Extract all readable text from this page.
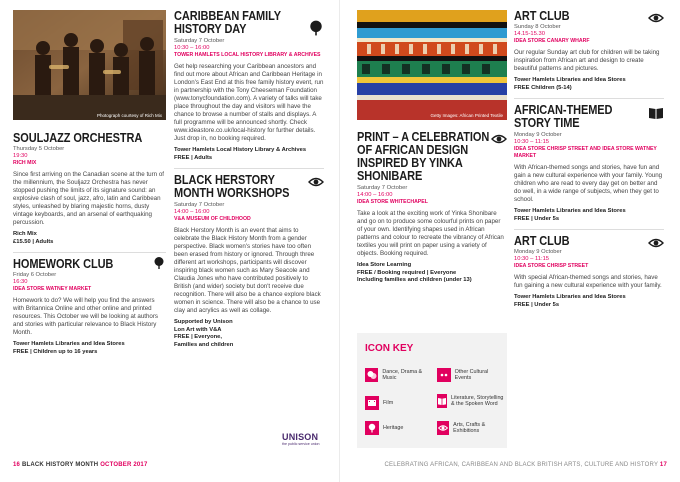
Photograph courtesy of Rich Mix
SOULJAZZ ORCHESTRA
Thursday 5 October
19:30
RICH MIX
Since first arriving on the Canadian scene at the turn of the millennium, the Souljazz Orchestra has never stopped pushing the limits of its signature sound: an explosive clash of soul, jazz, afro, latin and Caribbean styles, unleashed by blaring majestic horns, dusty vintage keyboards, and an arsenal of earthquaking percussion.
Rich Mix
£15.50 | Adults
HOMEWORK CLUB
Friday 6 October
16:30
IDEA STORE WATNEY MARKET
Homework to do? We will help you find the answers with Britannica Online and other online and printed resources. This October we will be looking at authors and stories with particular relevance to Black History Month.
Tower Hamlets Libraries and Idea Stores
FREE | Children up to 16 years
CARIBBEAN FAMILY
HISTORY DAY
Saturday 7 October
10:30 – 16:00
TOWER HAMLETS LOCAL HISTORY LIBRARY & ARCHIVES
Get help researching your Caribbean ancestors and find out more about African and Caribbean Heritage in London's East End at this free family history event, run in partnership with the Tony Cheeseman Foundation (www.tonycfoundation.com). A variety of talks will take place throughout the day and visitors will have the chance to browse a number of stalls and displays. A full programme will be announced shortly. Check www.ideastore.co.uk/local-history for further details. Just drop in, no booking required.
Tower Hamlets Local History Library & Archives
FREE | Adults
BLACK HERSTORY
MONTH WORKSHOPS
Saturday 7 October
14:00 – 16:00
V&A MUSEUM OF CHILDHOOD
Black Herstory Month is an event that aims to celebrate the Black History Month from a gender perspective. Black women's stories have too often been erased from history or ignored. Through three different art workshops, participants will discover inspiring black women such as Mary Seacole and Claudia Jones who have contributed positively to British (and wider) society but don't receive due recognition. There will also be a chance explore black women in science. There will also be a chance to use clay and acrylics as well as collage.
Supported by Unison
Lon Art with V&A
FREE | Everyone,
Families and children
UNISON
the public service union
16 BLACK HISTORY MONTH OCTOBER 2017
Getty Images: African Printed Textile
PRINT – A CELEBRATION
OF AFRICAN DESIGN
INSPIRED BY YINKA
SHONIBARE
Saturday 7 October
14:00 – 16:00
IDEA STORE WHITECHAPEL
Take a look at the exciting work of Yinka Shonibare and go on to produce some colourful prints on paper of your own. Identifying shapes used in African patterns and colour to recreate the vibrancy of African textiles you will print on paper using a variety of objects. Booking required.
Idea Store Learning
FREE / Booking required | Everyone
Including families and children (under 13)
ART CLUB
Sunday 8 October
14.15-15.30
IDEA STORE CANARY WHARF
Our regular Sunday art club for children will be taking inspiration from African art and design to create beautiful patterns and pictures.
Tower Hamlets Libraries and Idea Stores
FREE Children (5-14)
AFRICAN-THEMED
STORY TIME
Monday 9 October
10:30 – 11:15
IDEA STORE CHRISP STREET AND IDEA STORE WATNEY MARKET
With African-themed songs and stories, have fun and gain a new cultural experience with your family. Young children who are read to every day get on better and do well, in a wide range of subjects, when they get to school.
Tower Hamlets Libraries and Idea Stores
FREE | Under 5s
ART CLUB
Monday 9 October
10:30 – 11:15
IDEA STORE CHRISP STREET
With special African-themed songs and stories, have fun gaining a new cultural experience with your family.
Tower Hamlets Libraries and Idea Stores
FREE | Under 5s
CELEBRATING AFRICAN, CARIBBEAN AND BLACK BRITISH ARTS, CULTURE AND HISTORY 17
ICON KEY
Dance, Drama & Music
Film
Heritage
Other Cultural Events
Literature, Storytelling & the Spoken Word
Arts, Crafts & Exhibitions
